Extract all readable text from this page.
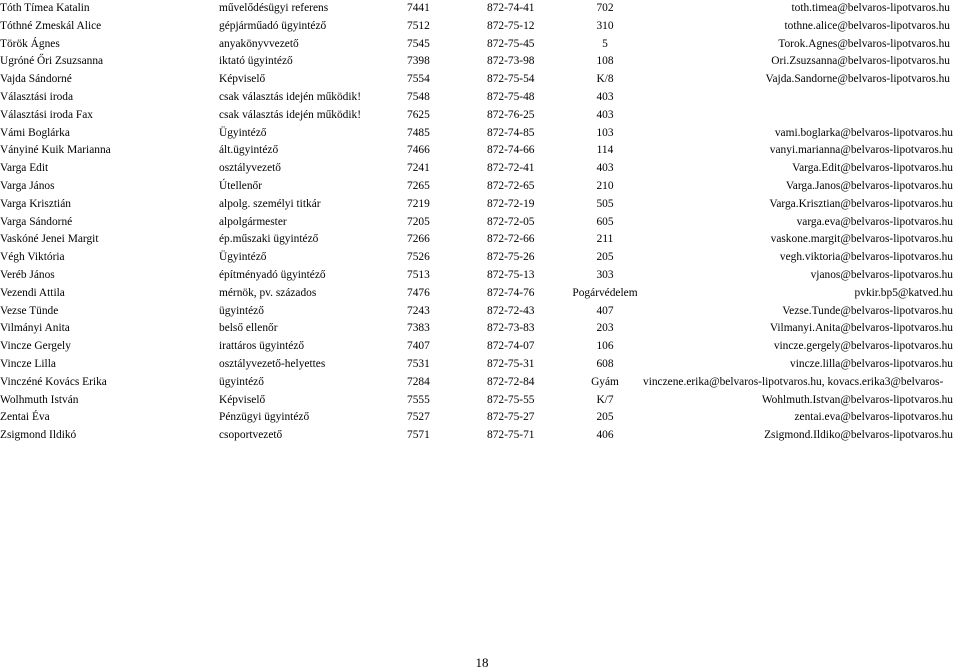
Tóth Tímea Katalin	művelődésügyi referens	7441	872-74-41	702	toth.timea@belvaros-lipotvaros.hu
Tóthné Zmeskál Alice	gépjárműadó ügyintéző	7512	872-75-12	310	tothne.alice@belvaros-lipotvaros.hu
Török Ágnes	anyakönyvvezető	7545	872-75-45	5	Torok.Agnes@belvaros-lipotvaros.hu
Ugróné Őri Zsuzsanna	iktató ügyintéző	7398	872-73-98	108	Ori.Zsuzsanna@belvaros-lipotvaros.hu
Vajda Sándorné	Képviselő	7554	872-75-54	K/8	Vajda.Sandorne@belvaros-lipotvaros.hu
Választási iroda	csak választás idején működik!	7548	872-75-48	403	
Választási iroda Fax	csak választás idején működik!	7625	872-76-25	403	
Vámi Boglárka	Ügyintéző	7485	872-74-85	103	vami.boglarka@belvaros-lipotvaros.hu
Ványiné Kuik Marianna	ált.ügyintéző	7466	872-74-66	114	vanyi.marianna@belvaros-lipotvaros.hu
Varga Edit	osztályvezető	7241	872-72-41	403	Varga.Edit@belvaros-lipotvaros.hu
Varga János	Útellenőr	7265	872-72-65	210	Varga.Janos@belvaros-lipotvaros.hu
Varga Krisztián	alpolg. személyi titkár	7219	872-72-19	505	Varga.Krisztian@belvaros-lipotvaros.hu
Varga Sándorné	alpolgármester	7205	872-72-05	605	varga.eva@belvaros-lipotvaros.hu
Vaskóné Jenei Margit	ép.műszaki ügyintéző	7266	872-72-66	211	vaskone.margit@belvaros-lipotvaros.hu
Végh Viktória	Ügyintéző	7526	872-75-26	205	vegh.viktoria@belvaros-lipotvaros.hu
Veréb János	építményadó ügyintéző	7513	872-75-13	303	vjanos@belvaros-lipotvaros.hu
Vezendi Attila	mérnök, pv. százados	7476	872-74-76	Pogárvédelem	pvkir.bp5@katved.hu
Vezse Tünde	ügyintéző	7243	872-72-43	407	Vezse.Tunde@belvaros-lipotvaros.hu
Vilmányi Anita	belső ellenőr	7383	872-73-83	203	Vilmanyi.Anita@belvaros-lipotvaros.hu
Vincze Gergely	irattáros ügyintéző	7407	872-74-07	106	vincze.gergely@belvaros-lipotvaros.hu
Vincze Lilla	osztályvezető-helyettes	7531	872-75-31	608	vincze.lilla@belvaros-lipotvaros.hu
Vinczéné Kovács Erika	ügyintéző	7284	872-72-84	Gyám	vinczene.erika@belvaros-lipotvaros.hu, kovacs.erika3@belvaros-
Wolhmuth István	Képviselő	7555	872-75-55	K/7	Wohlmuth.Istvan@belvaros-lipotvaros.hu
Zentai Éva	Pénzügyi ügyintéző	7527	872-75-27	205	zentai.eva@belvaros-lipotvaros.hu
Zsigmond Ildikó	csoportvezető	7571	872-75-71	406	Zsigmond.Ildiko@belvaros-lipotvaros.hu
18
